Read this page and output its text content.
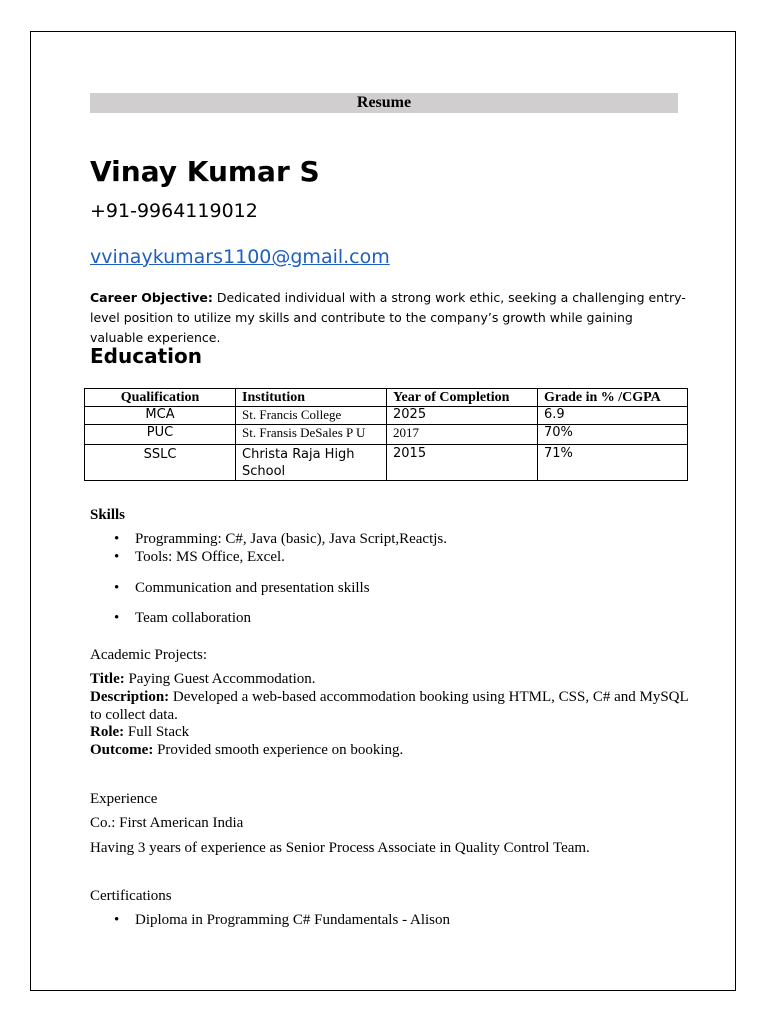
Resume
Vinay Kumar S
+91-9964119012
vvinaykumars1100@gmail.com
Career Objective: Dedicated individual with a strong work ethic, seeking a challenging entry-level position to utilize my skills and contribute to the company’s growth while gaining valuable experience.
Education
Qualification	Institution	Year of Completion	Grade in % /CGPA
MCA	St. Francis College	2025	6.9
PUC	St. Fransis DeSales P U	2017	70%
SSLC	Christa Raja High School	2015	71%
Skills
• Programming: C#, Java (basic), Java Script,Reactjs.
• Tools: MS Office, Excel.
• Communication and presentation skills
• Team collaboration
Academic Projects:
Title: Paying Guest Accommodation.
Description: Developed a web-based accommodation booking using HTML, CSS, C# and MySQL to collect data.
Role: Full Stack
Outcome: Provided smooth experience on booking.
Experience
Co.: First American India
Having 3 years of experience as Senior Process Associate in Quality Control Team.
Certifications
• Diploma in Programming C# Fundamentals - Alison
